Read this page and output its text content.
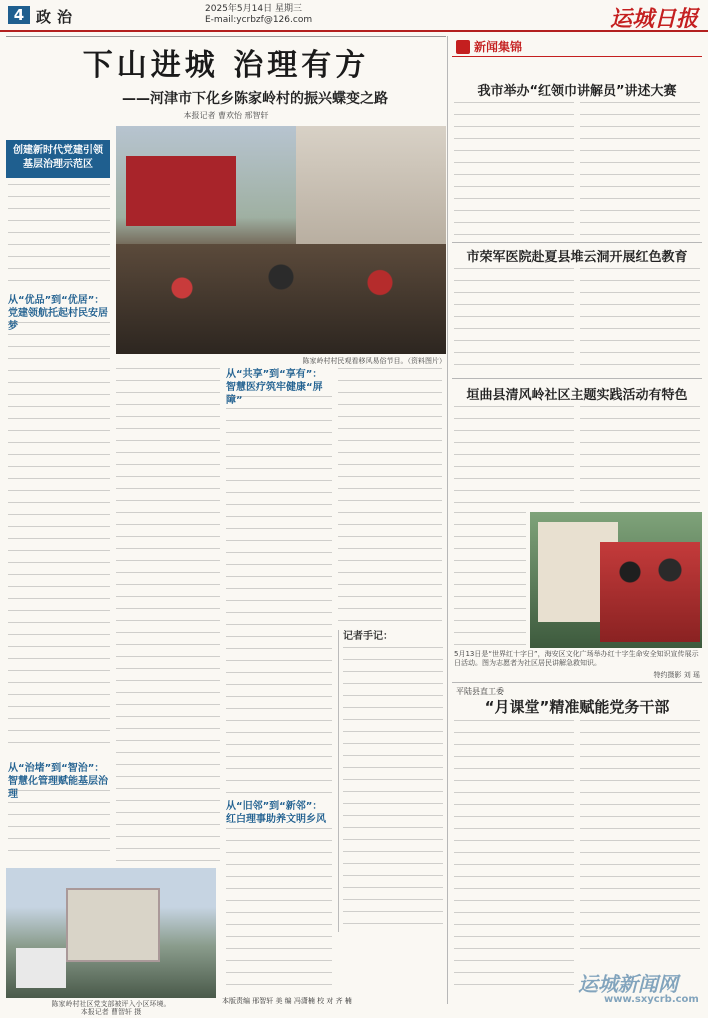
4 政治	2025年5月14日 星期三
E-mail:ycrbzf@126.com	运城日报
下山进城 治理有方
——河津市下化乡陈家岭村的振兴蝶变之路
本报记者 曹欢怡 邢智轩
创建新时代党建引领
基层治理示范区
从“优品”到“优居”：党建领航托起村民安居梦
从“治堵”到“智治”：智慧化管理赋能基层治理
陈家岭村村民观看移风易俗节目。（资料图片）
从“共享”到“享有”：智慧医疗筑牢健康“屏障”
从“旧邻”到“新邻”：红白理事助养文明乡风
记者手记：
陈家岭村社区党支部被评入小区环境。
本报记者 曹智轩 摄
本版责编 邢智轩 美 编 冯潇楠 校 对 齐 楠
新闻集锦
我市举办“红领巾讲解员”讲述大赛
市荣军医院赴夏县堆云洞开展红色教育
垣曲县清风岭社区主题实践活动有特色
5月13日是“世界红十字日”，海安区文化广场举办红十字生命安全知识宣传展示日活动。图为志愿者为社区居民讲解急救知识。
特约摄影 刘 瑶
平陆县直工委
“月课堂”精准赋能党务干部
运城新闻网
www.sxycrb.com
